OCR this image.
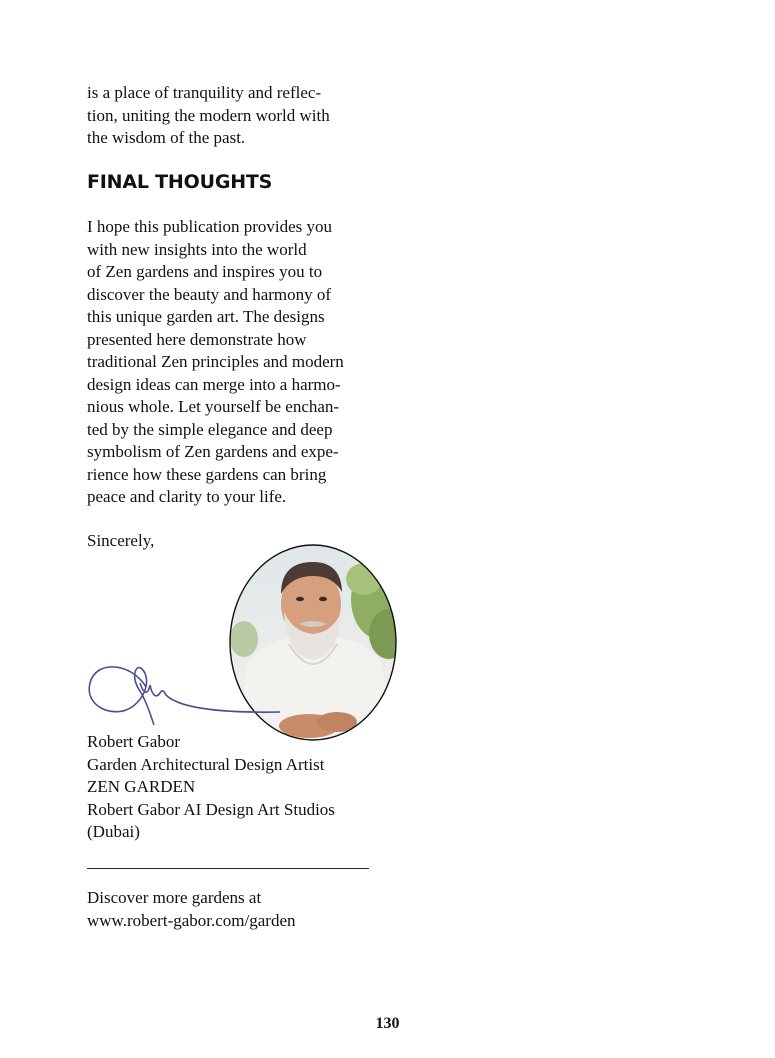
is a place of tranquility and reflec-
tion, uniting the modern world with
the wisdom of the past.
FINAL THOUGHTS
I hope this publication provides you
with new insights into the world
of Zen gardens and inspires you to
discover the beauty and harmony of
this unique garden art. The designs
presented here demonstrate how
traditional Zen principles and modern
design ideas can merge into a harmo-
nious whole. Let yourself be enchan-
ted by the simple elegance and deep
symbolism of Zen gardens and expe-
rience how these gardens can bring
peace and clarity to your life.
Sincerely,
Robert Gabor
Garden Architectural Design Artist
ZEN GARDEN
Robert Gabor AI Design Art Studios
(Dubai)
Discover more gardens at
www.robert-gabor.com/garden
130
